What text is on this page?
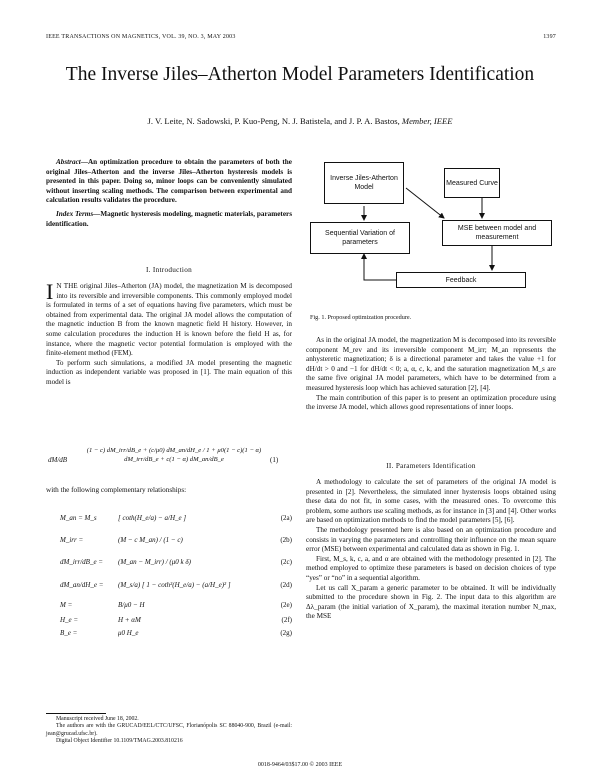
IEEE TRANSACTIONS ON MAGNETICS, VOL. 39, NO. 3, MAY 2003	1397
The Inverse Jiles–Atherton Model Parameters Identification
J. V. Leite, N. Sadowski, P. Kuo-Peng, N. J. Batistela, and J. P. A. Bastos, Member, IEEE

Abstract—An optimization procedure to obtain the parameters of both the original Jiles–Atherton and the inverse Jiles–Atherton hysteresis models is presented in this paper. Doing so, minor loops can be conveniently simulated without inserting scaling methods. The comparison between experimental and calculation results validates the procedure.

Index Terms—Magnetic hysteresis modeling, magnetic materials, parameters identification.

I. Introduction

I N THE original Jiles–Atherton (JA) model, the magnetization M is decomposed into its reversible and irreversible components. This commonly employed model is formulated in terms of a set of equations having five parameters, which must be obtained from experimental data. The original JA model allows the computation of the magnetic induction B from the known magnetic field H history. However, in some calculation procedures the induction H is known before the field H as, for instance, where the magnetic vector potential formulation is employed with the finite-element method (FEM).

To perform such simulations, a modified JA model presenting the magnetic induction as independent variable was proposed in [1]. The main equation of this model is

dM/dB
(1 − c) dM_irr/dB_e + (c/μ0) dM_an/dH_e / 1 + μ0(1 − c)(1 − α) dM_irr/dB_e + c(1 − α) dM_an/dB_e	(1)
with the following complementary relationships:
M_an = M_s	[ coth(H_e/a) − a/H_e ]	(2a)
M_irr =	(M − c M_an) / (1 − c)	(2b)
dM_irr/dB_e = (M_an − M_irr) / (μ0 k δ)	(2c)
dM_an/dH_e = (M_s/a) [ 1 − coth²(H_e/a) − (a/H_e)² ]	(2d)
M =	B/μ0 − H	(2e)
H_e =	H + αM	(2f)
B_e =	μ0 H_e	(2g)
Manuscript received June 18, 2002.
The authors are with the GRUCAD/EEL/CTC/UFSC, Florianópolis SC 88040-900, Brazil (e-mail: jean@grucad.ufsc.br).
Digital Object Identifier 10.1109/TMAG.2003.810216
Inverse Jiles-Atherton Model
Measured Curve
Sequential Variation of parameters
MSE between model and measurement
Feedback
Fig. 1. Proposed optimization procedure.

As in the original JA model, the magnetization M is decomposed into its reversible component M_rev and its irreversible component M_irr; M_an represents the anhysteretic magnetization; δ is a directional parameter and takes the value +1 for dH/dt > 0 and −1 for dH/dt < 0; a, α, c, k, and the saturation magnetization M_s are the same five original JA model parameters, which have to be determined from a measured hysteresis loop which has achieved saturation [2], [4].

The main contribution of this paper is to present an optimization procedure using the inverse JA model, which allows good representations of inner loops.

II. Parameters Identification

A methodology to calculate the set of parameters of the original JA model is presented in [2]. Nevertheless, the simulated inner hysteresis loops obtained using these data do not fit, in some cases, with the measured ones. To overcome this problem, some authors use scaling methods, as for instance in [3] and [4]. Other works are based on optimization methods to find the model parameters [5], [6].

The methodology presented here is also based on an optimization procedure and consists in varying the parameters and controlling their influence on the mean square error (MSE) between experimental and calculated data as shown in Fig. 1.

First, M_s, k, c, a, and α are obtained with the methodology presented in [2]. The method employed to optimize these parameters is based on decision choices of type “yes” or “no” in a sequential algorithm.

Let us call X_param a generic parameter to be obtained. It will be individually submitted to the procedure shown in Fig. 2. The input data to this algorithm are Δλ_param (the initial variation of X_param), the maximal iteration number N_max, the MSE

0018-9464/03$17.00 © 2003 IEEE
